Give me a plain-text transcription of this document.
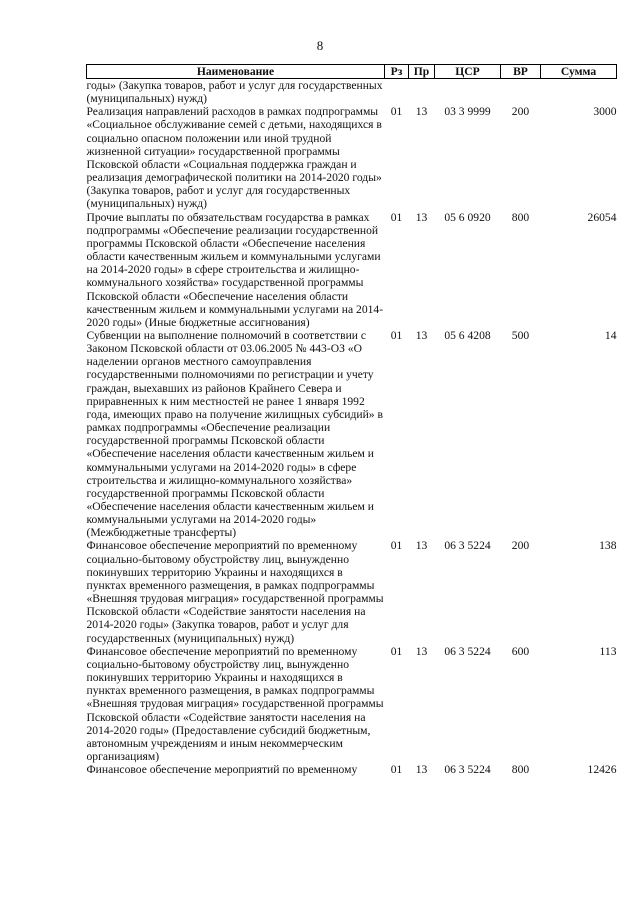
8
Наименование	Рз	Пр	ЦСР	ВР	Сумма

годы» (Закупка товаров, работ и услуг для государственных (муниципальных) нужд)					

Реализация направлений расходов в рамках подпрограммы «Социальное обслуживание семей с детьми, находящихся в социально опасном положении или иной трудной жизненной ситуации» государственной программы Псковской области «Социальная поддержка граждан и реализация демографической политики на 2014-2020 годы» (Закупка товаров, работ и услуг для государственных (муниципальных) нужд)	01	13	03 3 9999	200	3000

Прочие выплаты по обязательствам государства в рамках подпрограммы «Обеспечение реализации государственной программы Псковской области «Обеспечение населения области качественным жильем и коммунальными услугами на 2014-2020 годы» в сфере строительства и жилищно-коммунального хозяйства» государственной программы Псковской области «Обеспечение населения области качественным жильем и коммунальными услугами на 2014-2020 годы» (Иные бюджетные ассигнования)	01	13	05 6 0920	800	26054

Субвенции на выполнение полномочий в соответствии с Законом Псковской области от 03.06.2005 № 443-ОЗ «О наделении органов местного самоуправления государственными полномочиями по регистрации и учету граждан, выехавших из районов Крайнего Севера и приравненных к ним местностей не ранее 1 января 1992 года, имеющих право на получение жилищных субсидий» в рамках подпрограммы «Обеспечение реализации государственной программы Псковской области «Обеспечение населения области качественным жильем и коммунальными услугами на 2014-2020 годы» в сфере строительства и жилищно-коммунального хозяйства» государственной программы Псковской области «Обеспечение населения области качественным жильем и коммунальными услугами на 2014-2020 годы» (Межбюджетные трансферты)	01	13	05 6 4208	500	14

Финансовое обеспечение мероприятий по временному социально-бытовому обустройству лиц, вынужденно покинувших территорию Украины и находящихся в пунктах временного размещения, в рамках подпрограммы «Внешняя трудовая миграция» государственной программы Псковской области «Содействие занятости населения на 2014-2020 годы» (Закупка товаров, работ и услуг для государственных (муниципальных) нужд)	01	13	06 3 5224	200	138

Финансовое обеспечение мероприятий по временному социально-бытовому обустройству лиц, вынужденно покинувших территорию Украины и находящихся в пунктах временного размещения, в рамках подпрограммы «Внешняя трудовая миграция» государственной программы Псковской области «Содействие занятости населения на 2014-2020 годы» (Предоставление субсидий бюджетным, автономным учреждениям и иным некоммерческим организациям)	01	13	06 3 5224	600	113

Финансовое обеспечение мероприятий по временному	01	13	06 3 5224	800	12426
